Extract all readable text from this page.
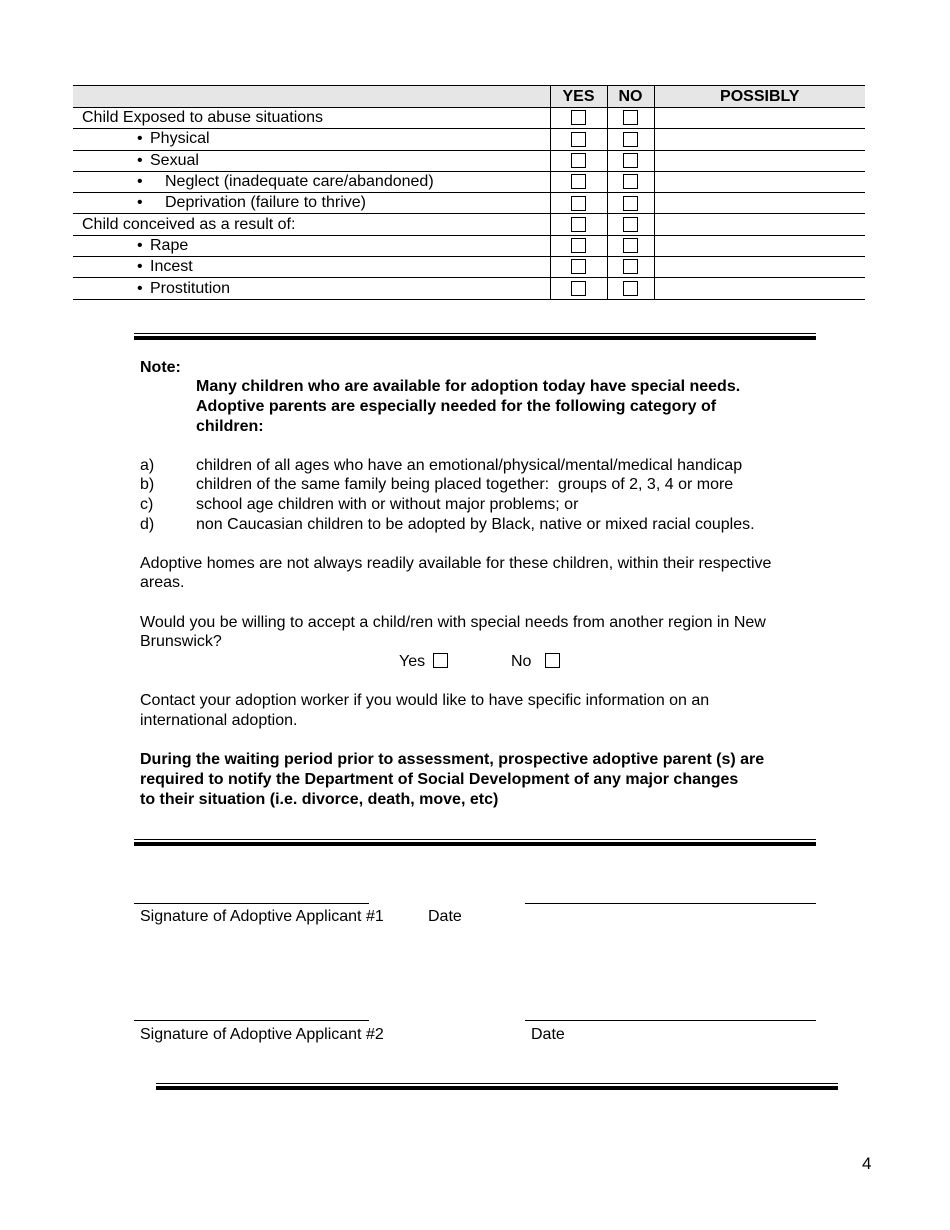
	YES	NO	POSSIBLY
Child Exposed to abuse situations			
• Physical			
• Sexual			
• Neglect (inadequate care/abandoned)			
• Deprivation (failure to thrive)			
Child conceived as a result of:			
• Rape			
• Incest			
• Prostitution			
Note:
Many children who are available for adoption today have special needs.
Adoptive parents are especially needed for the following category of
children:
a)	children of all ages who have an emotional/physical/mental/medical handicap
b)	children of the same family being placed together:  groups of 2, 3, 4 or more
c)	school age children with or without major problems; or
d)	non Caucasian children to be adopted by Black, native or mixed racial couples.
Adoptive homes are not always readily available for these children, within their respective
areas.
Would you be willing to accept a child/ren with special needs from another region in New
Brunswick?
Yes	No
Contact your adoption worker if you would like to have specific information on an
international adoption.
During the waiting period prior to assessment, prospective adoptive parent (s) are
required to notify the Department of Social Development of any major changes
to their situation (i.e. divorce, death, move, etc)
Signature of Adoptive Applicant #1	Date
Signature of Adoptive Applicant #2	Date
4
